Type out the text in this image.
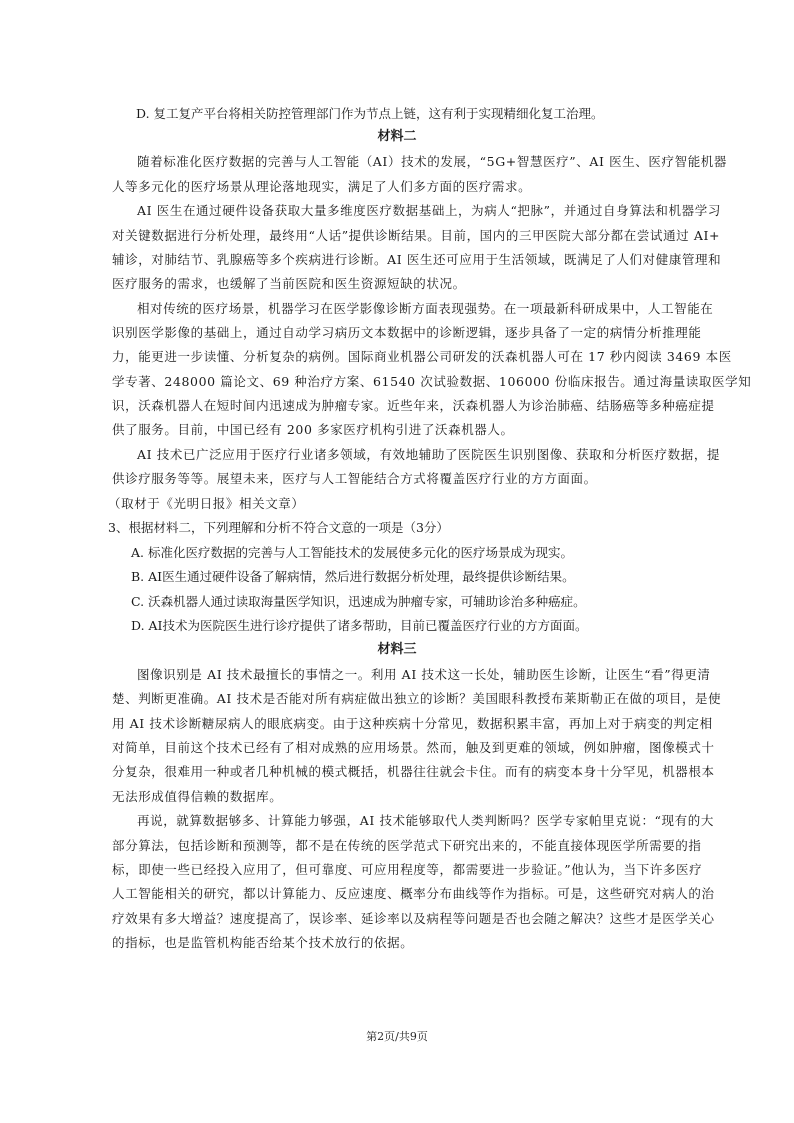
D. 复工复产平台将相关防控管理部门作为节点上链，这有利于实现精细化复工治理。
材料二
随着标准化医疗数据的完善与人工智能（AI）技术的发展，“5G+智慧医疗”、AI 医生、医疗智能机器
人等多元化的医疗场景从理论落地现实，满足了人们多方面的医疗需求。
AI 医生在通过硬件设备获取大量多维度医疗数据基础上，为病人“把脉”，并通过自身算法和机器学习
对关键数据进行分析处理，最终用“人话”提供诊断结果。目前，国内的三甲医院大部分都在尝试通过 AI+
辅诊，对肺结节、乳腺癌等多个疾病进行诊断。AI 医生还可应用于生活领域，既满足了人们对健康管理和
医疗服务的需求，也缓解了当前医院和医生资源短缺的状况。
相对传统的医疗场景，机器学习在医学影像诊断方面表现强势。在一项最新科研成果中，人工智能在
识别医学影像的基础上，通过自动学习病历文本数据中的诊断逻辑，逐步具备了一定的病情分析推理能
力，能更进一步读懂、分析复杂的病例。国际商业机器公司研发的沃森机器人可在 17 秒内阅读 3469 本医
学专著、248000 篇论文、69 种治疗方案、61540 次试验数据、106000 份临床报告。通过海量读取医学知
识，沃森机器人在短时间内迅速成为肿瘤专家。近些年来，沃森机器人为诊治肺癌、结肠癌等多种癌症提
供了服务。目前，中国已经有 200 多家医疗机构引进了沃森机器人。
AI 技术已广泛应用于医疗行业诸多领域，有效地辅助了医院医生识别图像、获取和分析医疗数据，提
供诊疗服务等等。展望未来，医疗与人工智能结合方式将覆盖医疗行业的方方面面。
（取材于《光明日报》相关文章）
3、根据材料二，下列理解和分析不符合文意的一项是（3分）
A. 标准化医疗数据的完善与人工智能技术的发展使多元化的医疗场景成为现实。
B. AI医生通过硬件设备了解病情，然后进行数据分析处理，最终提供诊断结果。
C. 沃森机器人通过读取海量医学知识，迅速成为肿瘤专家，可辅助诊治多种癌症。
D. AI技术为医院医生进行诊疗提供了诸多帮助，目前已覆盖医疗行业的方方面面。
材料三
图像识别是 AI 技术最擅长的事情之一。利用 AI 技术这一长处，辅助医生诊断，让医生“看”得更清
楚、判断更准确。AI 技术是否能对所有病症做出独立的诊断？美国眼科教授布莱斯勒正在做的项目，是使
用 AI 技术诊断糖尿病人的眼底病变。由于这种疾病十分常见，数据积累丰富，再加上对于病变的判定相
对简单，目前这个技术已经有了相对成熟的应用场景。然而，触及到更难的领域，例如肿瘤，图像模式十
分复杂，很难用一种或者几种机械的模式概括，机器往往就会卡住。而有的病变本身十分罕见，机器根本
无法形成值得信赖的数据库。
再说，就算数据够多、计算能力够强，AI 技术能够取代人类判断吗？医学专家帕里克说：“现有的大
部分算法，包括诊断和预测等，都不是在传统的医学范式下研究出来的，不能直接体现医学所需要的指
标，即使一些已经投入应用了，但可靠度、可应用程度等，都需要进一步验证。”他认为，当下许多医疗
人工智能相关的研究，都以计算能力、反应速度、概率分布曲线等作为指标。可是，这些研究对病人的治
疗效果有多大增益？速度提高了，误诊率、延诊率以及病程等问题是否也会随之解决？这些才是医学关心
的指标，也是监管机构能否给某个技术放行的依据。
第2页/共9页
